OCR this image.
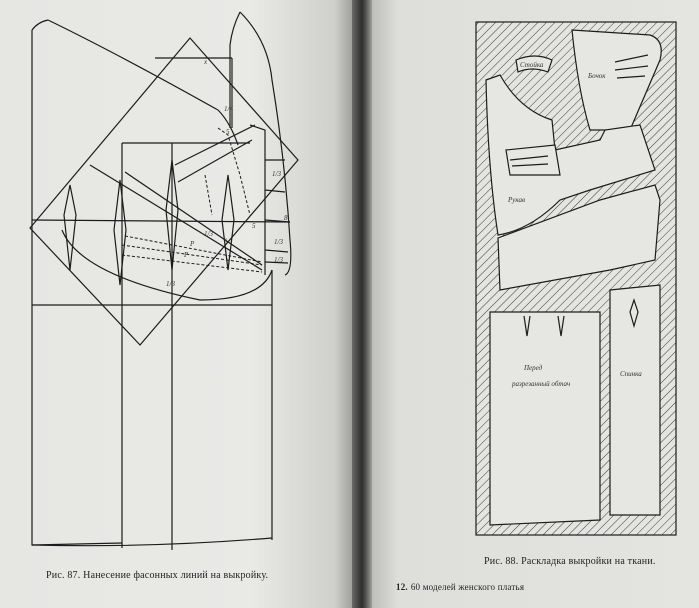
x
1/4
5
1/3
8
5
1/3
x	1/3
P
P
1/3
1/3
Стойка
Бочок
Рукав
Перед
разрезанный обтач
Спинка
Рис. 87. Нанесение фасонных линий на выкройку.
Рис. 88. Раскладка выкройки на ткани.
12. 60 моделей женского платья
